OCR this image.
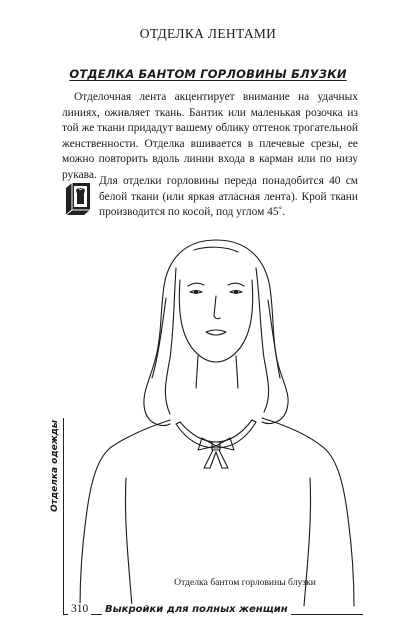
ОТДЕЛКА ЛЕНТАМИ
ОТДЕЛКА БАНТОМ ГОРЛОВИНЫ БЛУЗКИ

Отделочная лента акцентирует внимание на удачных линиях, оживляет ткань. Бантик или маленькая розочка из той же ткани придадут вашему облику оттенок трогательной женственности. Отделка вшивается в плечевые срезы, ее можно повторить вдоль линии входа в карман или по низу рукава.

Для отделки горловины переда понадобится 40 см белой ткани (или яркая атласная лента). Крой ткани производится по косой, под углом 45˚.

Отделка бантом горловины блузки
Отделка одежды
310	Выкройки для полных женщин
